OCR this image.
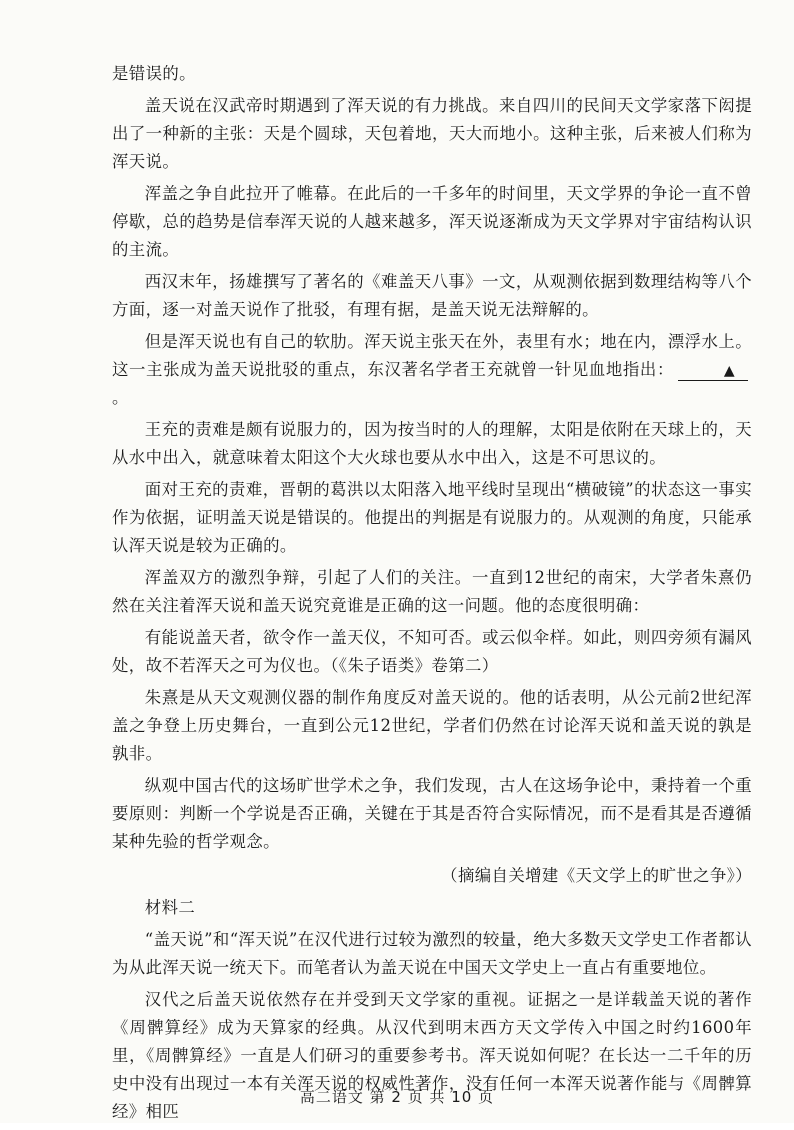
是错误的。

盖天说在汉武帝时期遇到了浑天说的有力挑战。来自四川的民间天文学家落下闳提出了一种新的主张：天是个圆球，天包着地，天大而地小。这种主张，后来被人们称为浑天说。

浑盖之争自此拉开了帷幕。在此后的一千多年的时间里，天文学界的争论一直不曾停歇，总的趋势是信奉浑天说的人越来越多，浑天说逐渐成为天文学界对宇宙结构认识的主流。

西汉末年，扬雄撰写了著名的《难盖天八事》一文，从观测依据到数理结构等八个方面，逐一对盖天说作了批驳，有理有据，是盖天说无法辩解的。

但是浑天说也有自己的软肋。浑天说主张天在外，表里有水；地在内，漂浮水上。这一主张成为盖天说批驳的重点，东汉著名学者王充就曾一针见血地指出：	▲。

王充的责难是颇有说服力的，因为按当时的人的理解，太阳是依附在天球上的，天从水中出入，就意味着太阳这个大火球也要从水中出入，这是不可思议的。

面对王充的责难，晋朝的葛洪以太阳落入地平线时呈现出“横破镜”的状态这一事实作为依据，证明盖天说是错误的。他提出的判据是有说服力的。从观测的角度，只能承认浑天说是较为正确的。

浑盖双方的激烈争辩，引起了人们的关注。一直到12世纪的南宋，大学者朱熹仍然在关注着浑天说和盖天说究竟谁是正确的这一问题。他的态度很明确：

有能说盖天者，欲令作一盖天仪，不知可否。或云似伞样。如此，则四旁须有漏风处，故不若浑天之可为仪也。（《朱子语类》卷第二）

朱熹是从天文观测仪器的制作角度反对盖天说的。他的话表明，从公元前2世纪浑盖之争登上历史舞台，一直到公元12世纪，学者们仍然在讨论浑天说和盖天说的孰是孰非。

纵观中国古代的这场旷世学术之争，我们发现，古人在这场争论中，秉持着一个重要原则：判断一个学说是否正确，关键在于其是否符合实际情况，而不是看其是否遵循某种先验的哲学观念。

（摘编自关增建《天文学上的旷世之争》）

材料二

“盖天说”和“浑天说”在汉代进行过较为激烈的较量，绝大多数天文学史工作者都认为从此浑天说一统天下。而笔者认为盖天说在中国天文学史上一直占有重要地位。

汉代之后盖天说依然存在并受到天文学家的重视。证据之一是详载盖天说的著作《周髀算经》成为天算家的经典。从汉代到明末西方天文学传入中国之时约1600年里，《周髀算经》一直是人们研习的重要参考书。浑天说如何呢？在长达一二千年的历史中没有出现过一本有关浑天说的权威性著作，没有任何一本浑天说著作能与《周髀算经》相匹

高二语文 第 2 页 共 10 页
